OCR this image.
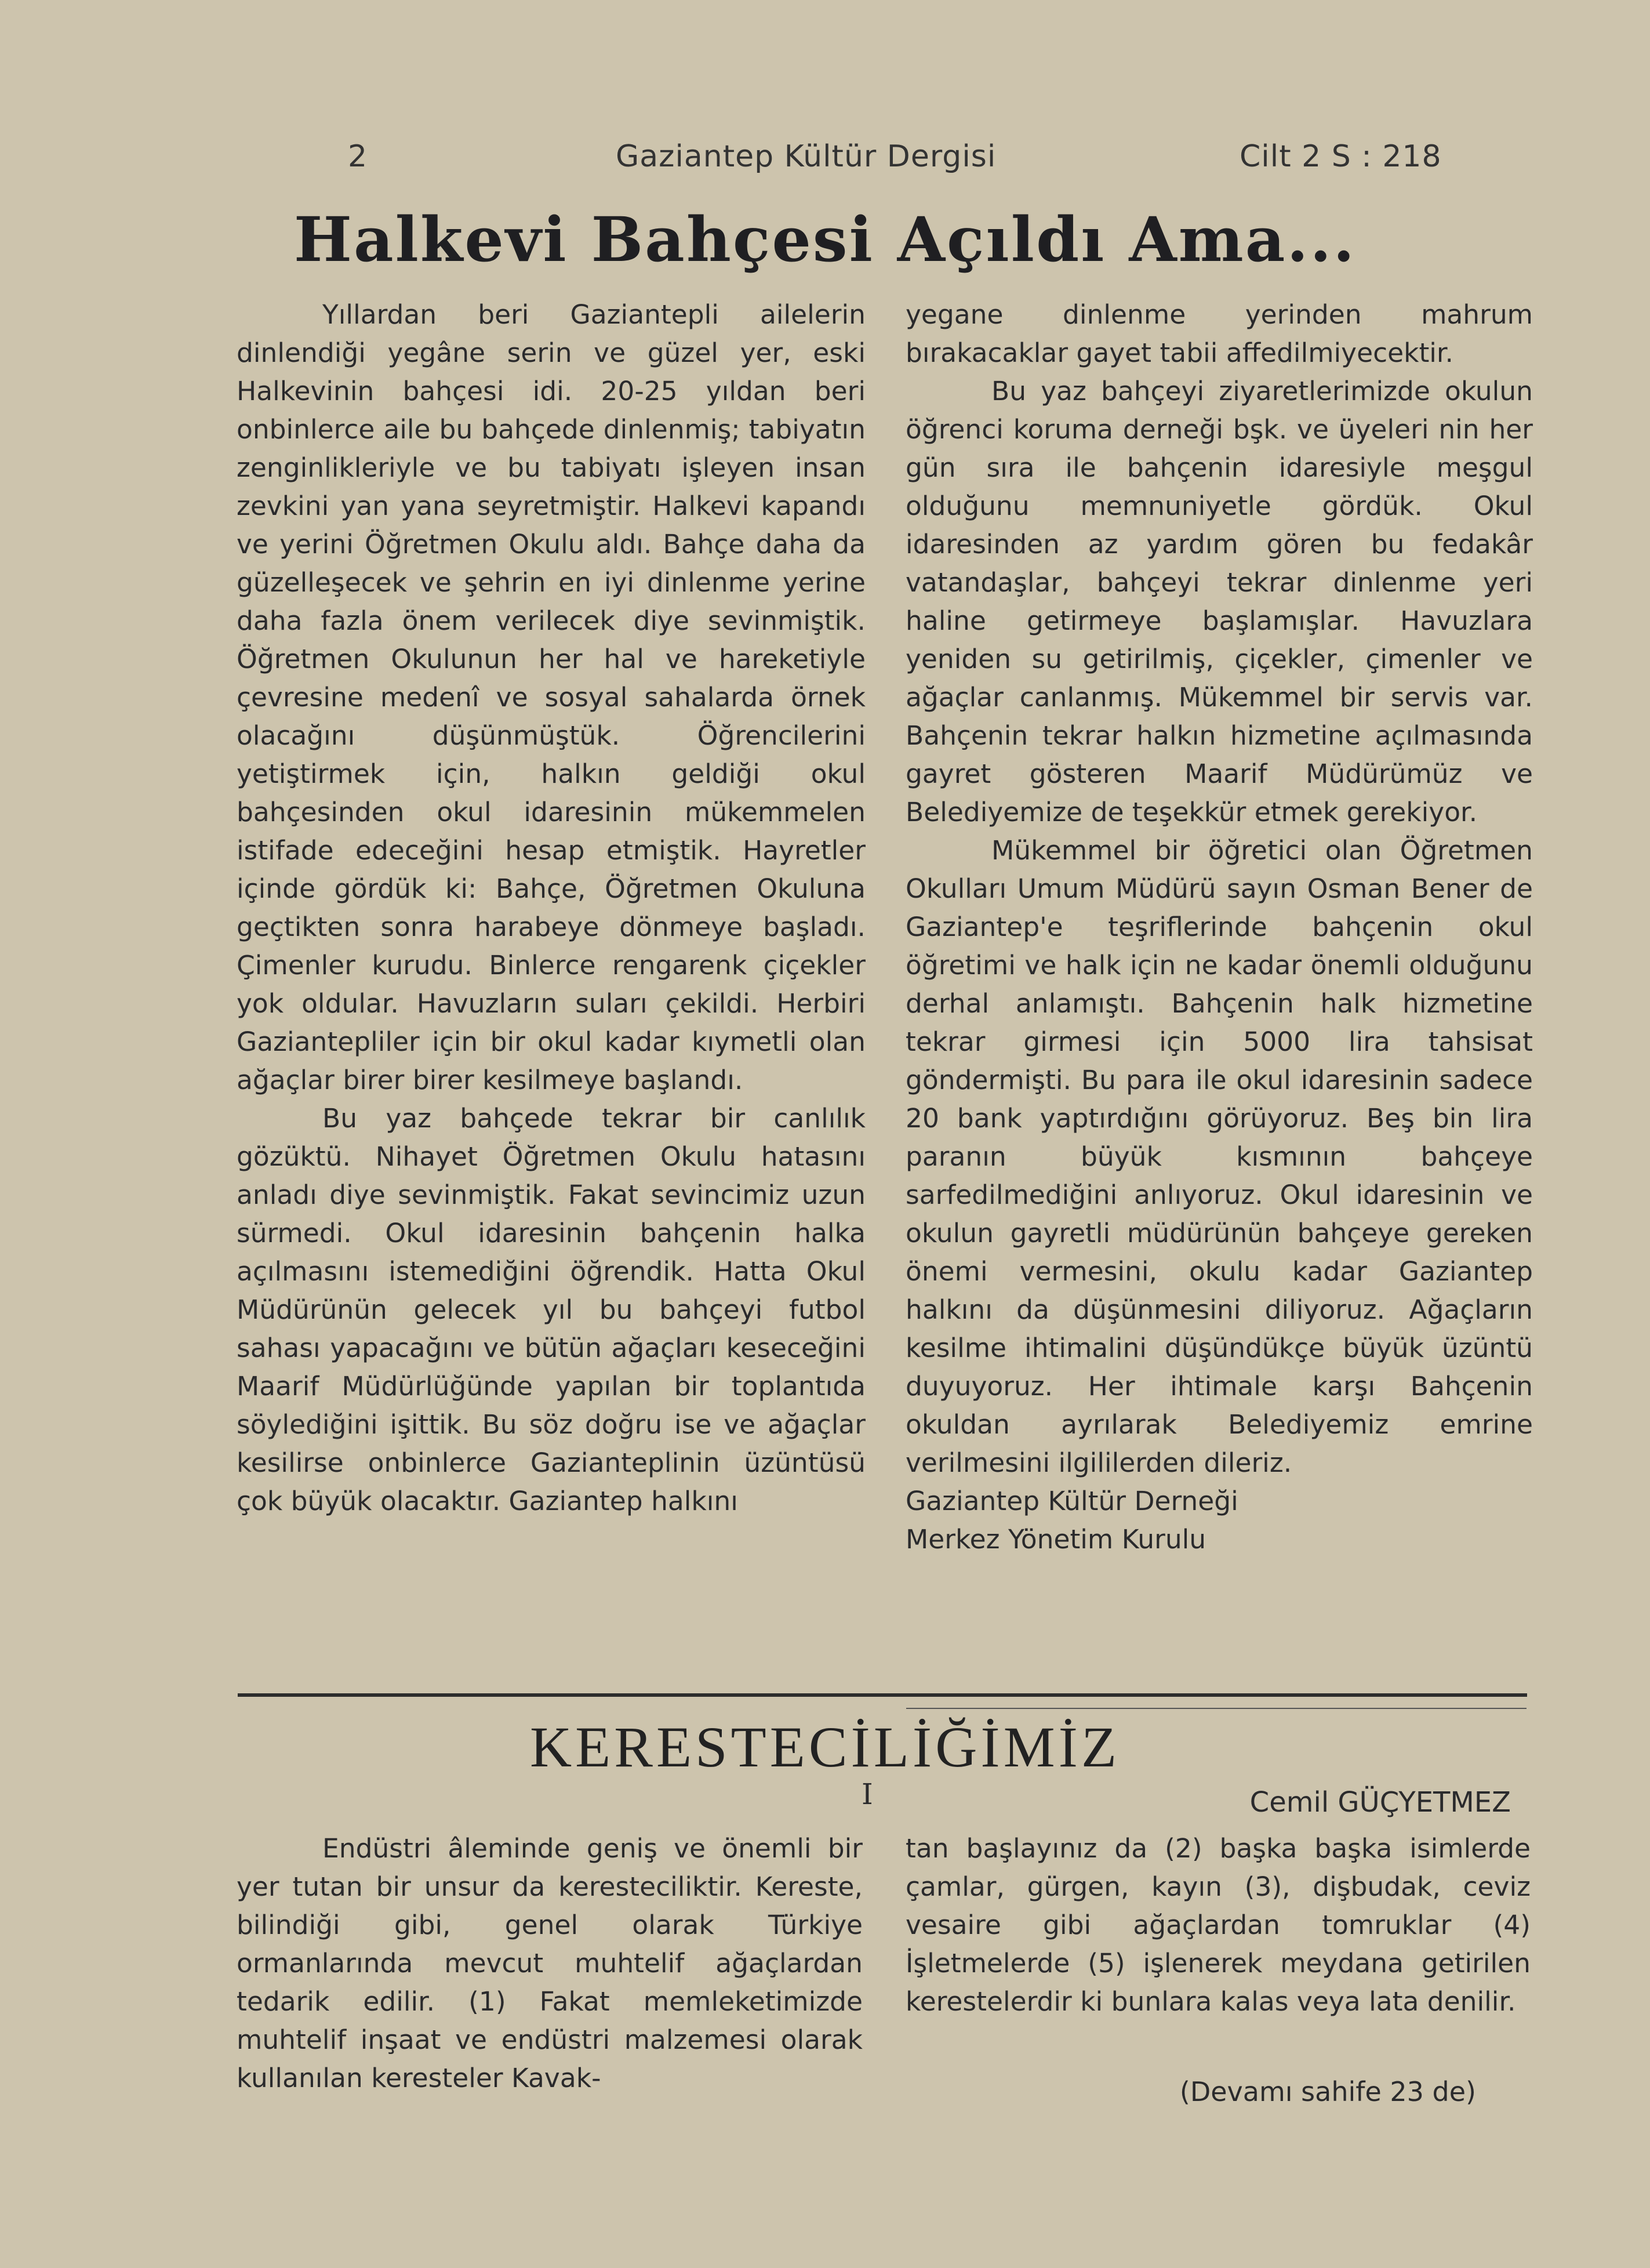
2	Gaziantep Kültür Dergisi	Cilt 2 S : 218
Halkevi Bahçesi Açıldı Ama...

Yıllardan beri Gaziantepli ailelerin dinlendiği yegâne serin ve güzel yer, eski Halkevinin bahçesi idi. 20-25 yıldan beri onbinlerce aile bu bahçede dinlenmiş; tabiyatın zenginlikleriyle ve bu tabiyatı işleyen insan zevkini yan yana seyretmiştir. Halkevi kapandı ve yerini Öğretmen Okulu aldı. Bahçe daha da güzelleşecek ve şehrin en iyi dinlenme yerine daha fazla önem verilecek diye sevinmiştik. Öğretmen Okulunun her hal ve hareketiyle çevresine medenî ve sosyal sahalarda örnek olacağını düşünmüştük. Öğrencilerini yetiştirmek için, halkın geldiği okul bahçesinden okul idaresinin mükemmelen istifade edeceğini hesap etmiştik. Hayretler içinde gördük ki: Bahçe, Öğretmen Okuluna geçtikten sonra harabeye dönmeye başladı. Çimenler kurudu. Binlerce rengarenk çiçekler yok oldular. Havuzların suları çekildi. Herbiri Gaziantepliler için bir okul kadar kıymetli olan ağaçlar birer birer kesilmeye başlandı.

Bu yaz bahçede tekrar bir canlılık gözüktü. Nihayet Öğretmen Okulu hatasını anladı diye sevinmiştik. Fakat sevincimiz uzun sürmedi. Okul idaresinin bahçenin halka açılmasını istemediğini öğrendik. Hatta Okul Müdürünün gelecek yıl bu bahçeyi futbol sahası yapacağını ve bütün ağaçları keseceğini Maarif Müdürlüğünde yapılan bir toplantıda söylediğini işittik. Bu söz doğru ise ve ağaçlar kesilirse onbinlerce Gazianteplinin üzüntüsü çok büyük olacaktır. Gaziantep halkını

yegane dinlenme yerinden mahrum bırakacaklar gayet tabii affedilmiyecektir.

Bu yaz bahçeyi ziyaretlerimizde okulun öğrenci koruma derneği bşk. ve üyeleri nin her gün sıra ile bahçenin idaresiyle meşgul olduğunu memnuniyetle gördük. Okul idaresinden az yardım gören bu fedakâr vatandaşlar, bahçeyi tekrar dinlenme yeri haline getirmeye başlamışlar. Havuzlara yeniden su getirilmiş, çiçekler, çimenler ve ağaçlar canlanmış. Mükemmel bir servis var. Bahçenin tekrar halkın hizmetine açılmasında gayret gösteren Maarif Müdürümüz ve Belediyemize de teşekkür etmek gerekiyor.

Mükemmel bir öğretici olan Öğretmen Okulları Umum Müdürü sayın Osman Bener de Gaziantep'e teşriflerinde bahçenin okul öğretimi ve halk için ne kadar önemli olduğunu derhal anlamıştı. Bahçenin halk hizmetine tekrar girmesi için 5000 lira tahsisat göndermişti. Bu para ile okul idaresinin sadece 20 bank yaptırdığını görüyoruz. Beş bin lira paranın büyük kısmının bahçeye sarfedilmediğini anlıyoruz. Okul idaresinin ve okulun gayretli müdürünün bahçeye gereken önemi vermesini, okulu kadar Gaziantep halkını da düşünmesini diliyoruz. Ağaçların kesilme ihtimalini düşündükçe büyük üzüntü duyuyoruz. Her ihtimale karşı Bahçenin okuldan ayrılarak Belediyemiz emrine verilmesini ilgililerden dileriz.

Gaziantep Kültür Derneği

Merkez Yönetim Kurulu

KERESTECİLİĞİMİZ
I	Cemil GÜÇYETMEZ

Endüstri âleminde geniş ve önemli bir yer tutan bir unsur da keresteciliktir. Kereste, bilindiği gibi, genel olarak Türkiye ormanlarında mevcut muhtelif ağaçlardan tedarik edilir. (1) Fakat memleketimizde muhtelif inşaat ve endüstri malzemesi olarak kullanılan keresteler Kavak-

tan başlayınız da (2) başka başka isimlerde çamlar, gürgen, kayın (3), dişbudak, ceviz vesaire gibi ağaçlardan tomruklar (4) İşletmelerde (5) işlenerek meydana getirilen kerestelerdir ki bunlara kalas veya lata denilir.

(Devamı sahife 23 de)
